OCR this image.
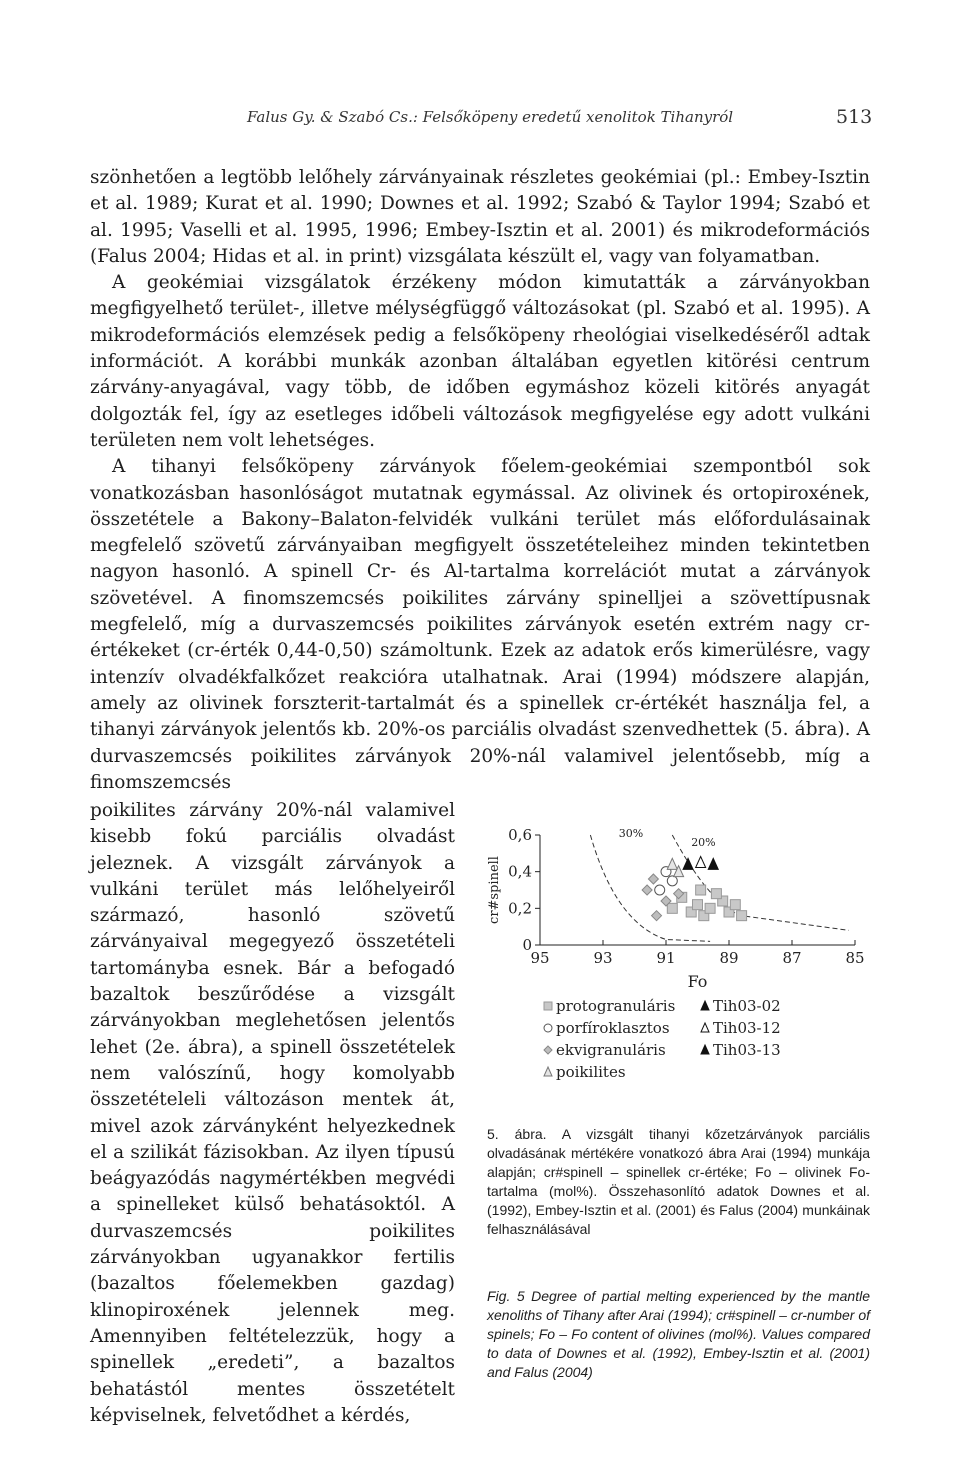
Falus Gy. & Szabó Cs.: Felsőköpeny eredetű xenolitok Tihanyról	513

szönhetően a legtöbb lelőhely zárványainak részletes geokémiai (pl.: Embey-Isztin et al. 1989; Kurat et al. 1990; Downes et al. 1992; Szabó & Taylor 1994; Szabó et al. 1995; Vaselli et al. 1995, 1996; Embey-Isztin et al. 2001) és mikrodeformációs (Falus 2004; Hidas et al. in print) vizsgálata készült el, vagy van folyamatban.

A geokémiai vizsgálatok érzékeny módon kimutatták a zárványokban megfigyelhető terület-, illetve mélységfüggő változásokat (pl. Szabó et al. 1995). A mikrodeformációs elemzések pedig a felsőköpeny rheológiai viselkedéséről adtak információt. A korábbi munkák azonban általában egyetlen kitörési centrum zárvány-anyagával, vagy több, de időben egymáshoz közeli kitörés anyagát dolgozták fel, így az esetleges időbeli változások megfigyelése egy adott vulkáni területen nem volt lehetséges.

A tihanyi felsőköpeny zárványok főelem-geokémiai szempontból sok vonatkozásban hasonlóságot mutatnak egymással. Az olivinek és ortopiroxének, összetétele a Bakony–Balaton-felvidék vulkáni terület más előfordulásainak megfelelő szövetű zárványaiban megfigyelt összetételeihez minden tekintetben nagyon hasonló. A spinell Cr- és Al-tartalma korrelációt mutat a zárványok szövetével. A finomszemcsés poikilites zárvány spinelljei a szövettípusnak megfelelő, míg a durvaszemcsés poikilites zárványok esetén extrém nagy cr-értékeket (cr-érték 0,44-0,50) számoltunk. Ezek az adatok erős kimerülésre, vagy intenzív olvadékfalkőzet reakcióra utalhatnak. Arai (1994) módszere alapján, amely az olivinek forszterit-tartalmát és a spinellek cr-értékét használja fel, a tihanyi zárványok jelentős kb. 20%-os parciális olvadást szenvedhettek (5. ábra). A durvaszemcsés poikilites zárványok 20%-nál valamivel jelentősebb, míg a finomszemcsés

poikilites zárvány 20%-nál valamivel kisebb fokú parciális olvadást jeleznek. A vizsgált zárványok a vulkáni terület más lelőhelyeiről származó, hasonló szövetű zárványaival megegyező összetételi tartományba esnek. Bár a befogadó bazaltok beszűrődése a vizsgált zárványokban meglehetősen jelentős lehet (2e. ábra), a spinell összetételek nem valószínű, hogy komolyabb összetételeli változáson mentek át, mivel azok zárványként helyezkednek el a szilikát fázisokban. Az ilyen típusú beágyazódás nagymértékben megvédi a spinelleket külső behatásoktól. A durvaszemcsés poikilites zárványokban ugyanakkor fertilis (bazaltos főelemekben gazdag) klinopiroxének jelennek meg. Amennyiben feltételezzük, hogy a spinellek „eredeti”, a bazaltos behatástól mentes összetételt képviselnek, felvetődhet a kérdés,
95	93	91	89	87	85
0,6
0,4
0,2
0
Fo
cr#spinell
30%
20%
protogranuláris	Tih03-02
porfíroklasztos	Tih03-12
ekvigranuláris	Tih03-13
poikilites
5. ábra. A vizsgált tihanyi kőzetzárványok parciális olvadásának mértékére vonatkozó ábra Arai (1994) munkája alapján; cr#spinell – spinellek cr-értéke; Fo – olivinek Fo-tartalma (mol%). Összehasonlító adatok Downes et al. (1992), Embey-Isztin et al. (2001) és Falus (2004) munkáinak felhasználásával
Fig. 5 Degree of partial melting experienced by the mantle xenoliths of Tihany after Arai (1994); cr#spinell – cr-number of spinels; Fo – Fo content of olivines (mol%). Values compared to data of Downes et al. (1992), Embey-Isztin et al. (2001) and Falus (2004)
